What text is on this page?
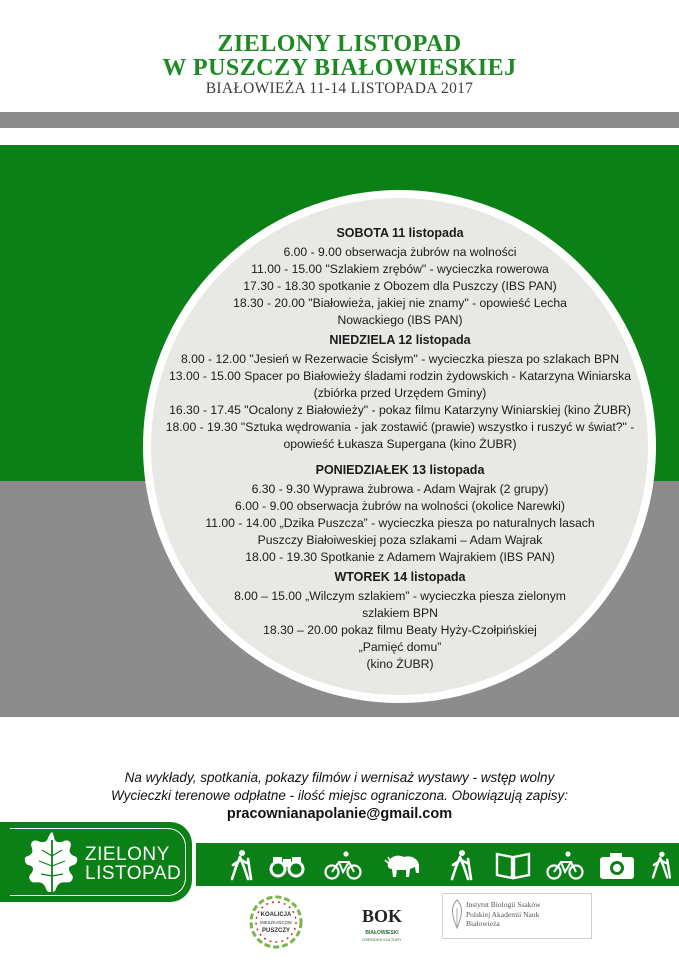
ZIELONY LISTOPAD
W PUSZCZY BIAŁOWIESKIEJ
BIAŁOWIEŻA 11-14 LISTOPADA 2017
SOBOTA 11 listopada
6.00 - 9.00 obserwacja żubrów na wolności
11.00 - 15.00 "Szlakiem zrębów" - wycieczka rowerowa
17.30 - 18.30 spotkanie z Obozem dla Puszczy (IBS PAN)
18.30 - 20.00 "Białowieża, jakiej nie znamy" - opowieść Lecha
Nowackiego (IBS PAN)
NIEDZIELA 12 listopada
8.00 - 12.00 "Jesień w Rezerwacie Ścisłym" - wycieczka piesza po szlakach BPN
13.00 - 15.00 Spacer po Białowieży śladami rodzin żydowskich - Katarzyna Winiarska
(zbiórka przed Urzędem Gminy)
16.30 - 17.45 "Ocalony z Białowieży" - pokaz filmu Katarzyny Winiarskiej (kino ŻUBR)
18.00 - 19.30 "Sztuka wędrowania - jak zostawić (prawie) wszystko i ruszyć w świat?" -
opowieść Łukasza Supergana (kino ŻUBR)
PONIEDZIAŁEK 13 listopada
6.30 - 9.30 Wyprawa żubrowa - Adam Wajrak (2 grupy)
6.00 - 9.00 obserwacja żubrów na wolności (okolice Narewki)
11.00 - 14.00 „Dzika Puszcza” - wycieczka piesza po naturalnych lasach
Puszczy Białoiweskiej poza szlakami – Adam Wajrak
18.00 - 19.30 Spotkanie z Adamem Wajrakiem (IBS PAN)
WTOREK 14 listopada
8.00 – 15.00 „Wilczym szlakiem” - wycieczka piesza zielonym
szlakiem BPN
18.30 – 20.00 pokaz filmu Beaty Hyży-Czołpińskiej
„Pamięć domu”
(kino ŻUBR)
Na wykłady, spotkania, pokazy filmów i wernisaż wystawy - wstęp wolny
Wycieczki terenowe odpłatne - ilość miejsc ograniczona. Obowiązują zapisy:
pracownianapolanie@gmail.com
ZIELONY
LISTOPAD
KOALICJA
MIESZKAŃCÓW
PUSZCZY
BOK
BIAŁOWIESKI
OŚRODEK KULTURY
Instytut Biologii Ssaków
Polskiej Akademii Nauk
Białowieża
